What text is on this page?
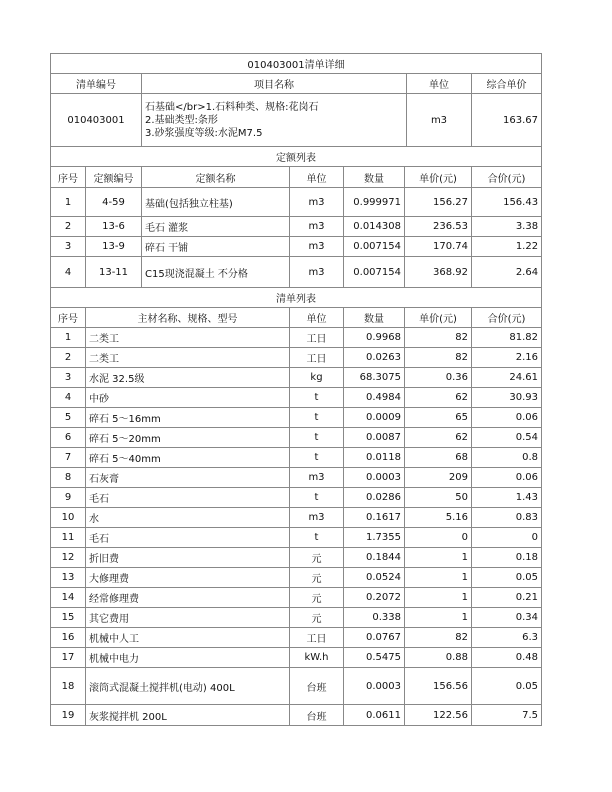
010403001清单详细			
清单编号	项目名称	单位	综合单价
010403001	石基础</br>1.石料种类、规格:花岗石
2.基础类型:条形
3.砂浆强度等级:水泥M7.5	m3	163.67
定额列表						
序号	定额编号	定额名称	单位	数量	单价(元)	合价(元)
1	4-59	基础(包括独立柱基)	m3	0.999971	156.27	156.43
2	13-6	毛石 灌浆	m3	0.014308	236.53	3.38
3	13-9	碎石 干铺	m3	0.007154	170.74	1.22
4	13-11	C15现浇混凝土 不分格	m3	0.007154	368.92	2.64
清单列表					
序号	主材名称、规格、型号	单位	数量	单价(元)	合价(元)
1	二类工	工日	0.9968	82	81.82
2	二类工	工日	0.0263	82	2.16
3	水泥 32.5级	kg	68.3075	0.36	24.61
4	中砂	t	0.4984	62	30.93
5	碎石 5～16mm	t	0.0009	65	0.06
6	碎石 5～20mm	t	0.0087	62	0.54
7	碎石 5～40mm	t	0.0118	68	0.8
8	石灰膏	m3	0.0003	209	0.06
9	毛石	t	0.0286	50	1.43
10	水	m3	0.1617	5.16	0.83
11	毛石	t	1.7355	0	0
12	折旧费	元	0.1844	1	0.18
13	大修理费	元	0.0524	1	0.05
14	经常修理费	元	0.2072	1	0.21
15	其它费用	元	0.338	1	0.34
16	机械中人工	工日	0.0767	82	6.3
17	机械中电力	kW.h	0.5475	0.88	0.48
18	滚筒式混凝土搅拌机(电动) 400L	台班	0.0003	156.56	0.05
19	灰浆搅拌机 200L	台班	0.0611	122.56	7.5
